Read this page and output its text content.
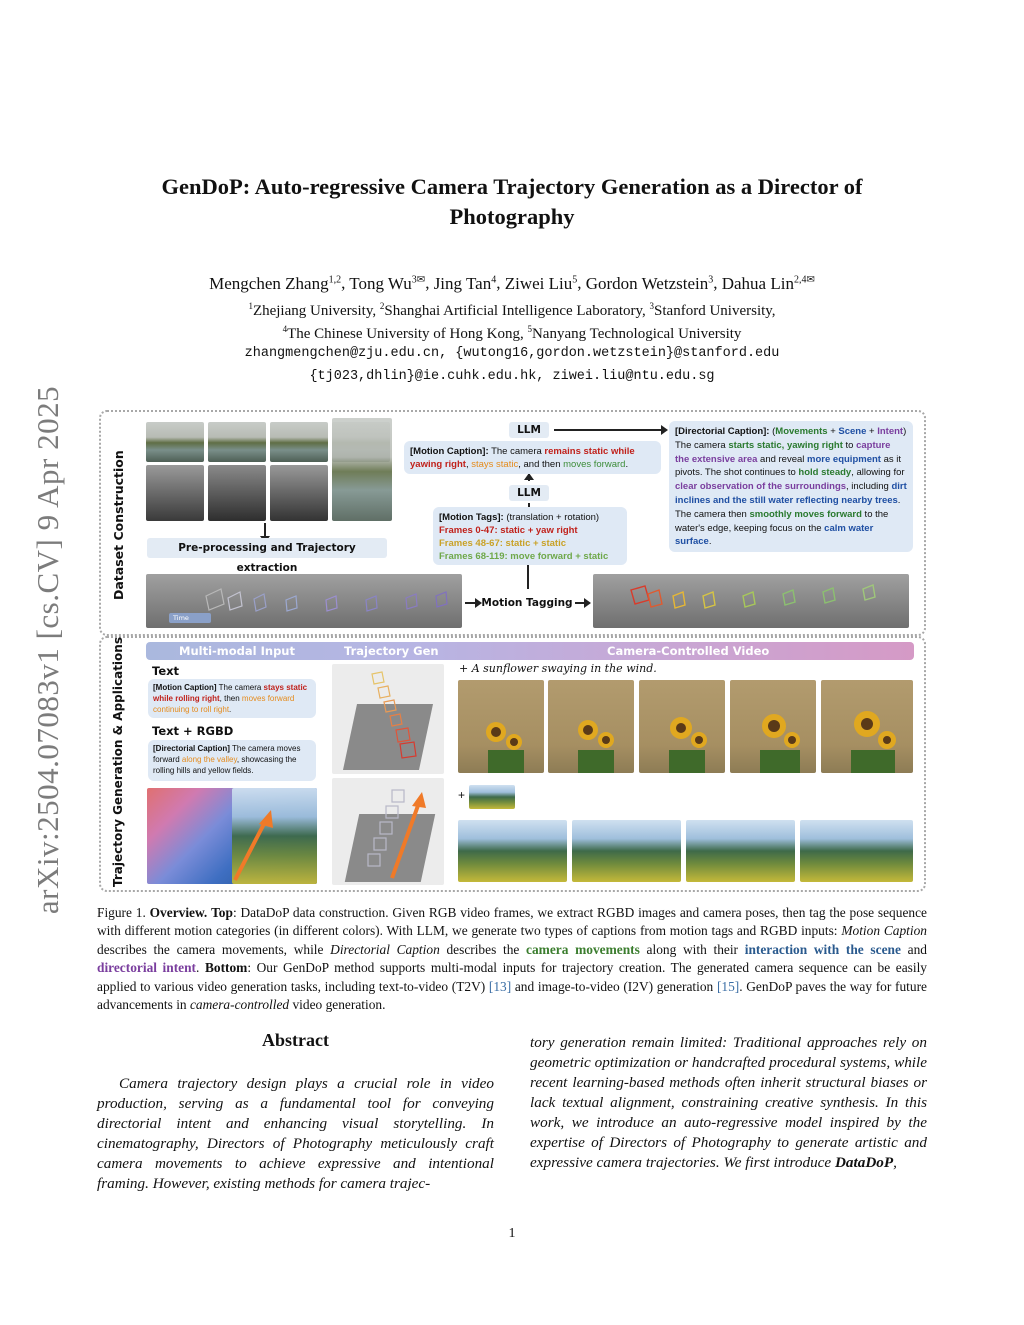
arXiv:2504.07083v1 [cs.CV] 9 Apr 2025
GenDoP: Auto-regressive Camera Trajectory Generation as a Director of
Photography
Mengchen Zhang$^{1,2}$, Tong $Wu^{3✉}$, Jing Tan$^4$, Ziwei Liu$^5$, Gordon Wetzstein$^3$, Dahua Lin$^{2,4✉}$
$^1$Zhejiang University, $^2$Shanghai Artificial Intelligence Laboratory, $^3$Stanford University,
$^4$The Chinese University of Hong Kong, $^5$Nanyang Technological University
zhangmengchen@zju.edu.cn, {wutong16,gordon.wetzstein}@stanford.edu
{tj023,dhlin}@ie.cuhk.edu.hk, ziwei.liu@ntu.edu.sg
Dataset Construction
Trajectory Generation & Applications
Pre-processing and Trajectory extraction
Time
Motion Tagging
LLM
LLM
[Motion Caption]: The camera remains static while yawing right, stays static, and then moves forward.
[Motion Tags]: (translation + rotation)
Frames 0-47: static + yaw right
Frames 48-67: static + static
Frames 68-119: move forward + static
[Directorial Caption]: (Movements + Scene + Intent)
The camera starts static, yawing right to capture the extensive area and reveal more equipment as it pivots. The shot continues to hold steady, allowing for clear observation of the surroundings, including dirt inclines and the still water reflecting nearby trees. The camera then smoothly moves forward to the water's edge, keeping focus on the calm water surface.
Multi-modal Input	Trajectory Gen	Camera-Controlled Video
Text
[Motion Caption] The camera stays static while rolling right, then moves forward continuing to roll right.
Text + RGBD
[Directorial Caption] The camera moves forward along the valley, showcasing the rolling hills and yellow fields.
+ A sunflower swaying in the wind.
+
Figure 1. Overview. Top: DataDoP data construction. Given RGB video frames, we extract RGBD images and camera poses, then tag the pose sequence with different motion categories (in different colors). With LLM, we generate two types of captions from motion tags and RGBD inputs: Motion Caption describes the camera movements, while Directorial Caption describes the camera movements along with their interaction with the scene and directorial intent. Bottom: Our GenDoP method supports multi-modal inputs for trajectory creation. The generated camera sequence can be easily applied to various video generation tasks, including text-to-video (T2V) [13] and image-to-video (I2V) generation [15]. GenDoP paves the way for future advancements in camera-controlled video generation.
Abstract
Camera trajectory design plays a crucial role in video production, serving as a fundamental tool for conveying directorial intent and enhancing visual storytelling. In cinematography, Directors of Photography meticulously craft camera movements to achieve expressive and intentional framing. However, existing methods for camera trajec-
tory generation remain limited: Traditional approaches rely on geometric optimization or handcrafted procedural systems, while recent learning-based methods often inherit structural biases or lack textual alignment, constraining creative synthesis. In this work, we introduce an auto-regressive model inspired by the expertise of Directors of Photography to generate artistic and expressive camera trajectories. We first introduce DataDoP,
1
